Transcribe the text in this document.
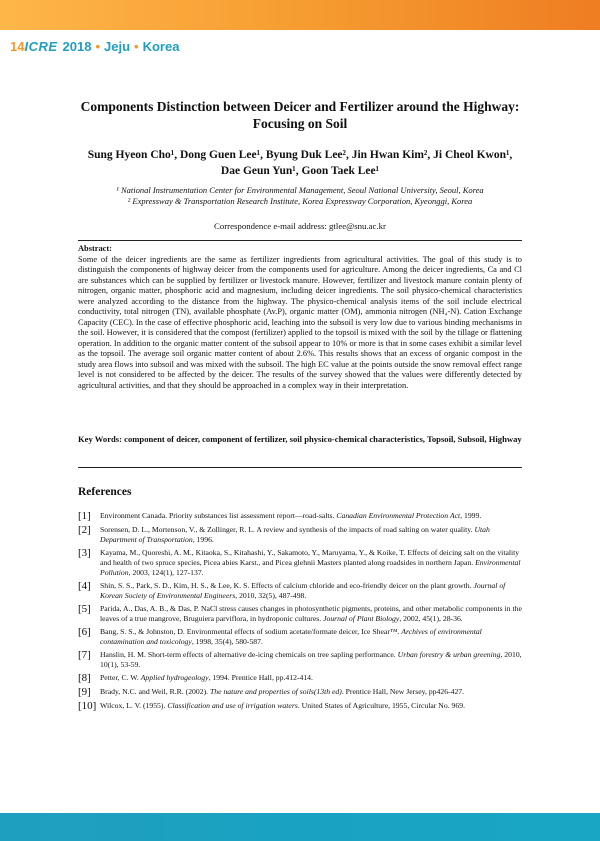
14 ICRE 2018 • Jeju • Korea
Components Distinction between Deicer and Fertilizer around the Highway: Focusing on Soil
Sung Hyeon Cho¹, Dong Guen Lee¹, Byung Duk Lee², Jin Hwan Kim², Ji Cheol Kwon¹,
Dae Geun Yun¹, Goon Taek Lee¹
¹ National Instrumentation Center for Environmental Management, Seoul National University, Seoul, Korea
² Expressway & Transportation Research Institute, Korea Expressway Corporation, Kyeonggi, Korea
Correspondence e-mail address: gtlee@snu.ac.kr
Abstract:
Some of the deicer ingredients are the same as fertilizer ingredients from agricultural activities. The goal of this study is to distinguish the components of highway deicer from the components used for agriculture. Among the deicer ingredients, Ca and Cl are substances which can be supplied by fertilizer or livestock manure. However, fertilizer and livestock manure contain plenty of nitrogen, organic matter, phosphoric acid and magnesium, including deicer ingredients. The soil physico-chemical characteristics were analyzed according to the distance from the highway. The physico-chemical analysis items of the soil include electrical conductivity, total nitrogen (TN), available phosphate (Av.P), organic matter (OM), ammonia nitrogen (NH₄-N). Cation Exchange Capacity (CEC). In the case of effective phosphoric acid, leaching into the subsoil is very low due to various binding mechanisms in the soil. However, it is considered that the compost (fertilizer) applied to the topsoil is mixed with the soil by the tillage or flattening operation. In addition to the organic matter content of the subsoil appear to 10% or more is that in some cases exhibit a similar level as the topsoil. The average soil organic matter content of about 2.6%. This results shows that an excess of organic compost in the study area flows into subsoil and was mixed with the subsoil. The high EC value at the points outside the snow removal effect range level is not considered to be affected by the deicer. The results of the survey showed that the values were differently detected by agricultural activities, and that they should be approached in a complex way in their interpretation.
Key Words: component of deicer, component of fertilizer, soil physico-chemical characteristics, Topsoil, Subsoil, Highway
References
[1]	Environment Canada. Priority substances list assessment report—road-salts. Canadian Environmental Protection Act, 1999.
[2]	Sorensen, D. L., Mortenson, V., & Zollinger, R. L. A review and synthesis of the impacts of road salting on water quality. Utah Department of Transportation, 1996.
[3]	Kayama, M., Quoreshi, A. M., Kitaoka, S., Kitahashi, Y., Sakamoto, Y., Maruyama, Y., & Koike, T. Effects of deicing salt on the vitality and health of two spruce species, Picea abies Karst., and Picea glehnii Masters planted along roadsides in northern Japan. Environmental Pollution, 2003, 124(1), 127-137.
[4]	Shin, S. S., Park, S. D., Kim, H. S., & Lee, K. S. Effects of calcium chloride and eco-friendly deicer on the plant growth. Journal of Korean Society of Environmental Engineers, 2010, 32(5), 487-498.
[5]	Parida, A., Das, A. B., & Das, P. NaCl stress causes changes in photosynthetic pigments, proteins, and other metabolic components in the leaves of a true mangrove, Bruguiera parviflora, in hydroponic cultures. Journal of Plant Biology, 2002, 45(1), 28-36.
[6]	Bang, S. S., & Johnston, D. Environmental effects of sodium acetate/formate deicer, Ice Shear™. Archives of environmental contamination and toxicology, 1998, 35(4), 580-587.
[7]	Hanslin, H. M. Short-term effects of alternative de-icing chemicals on tree sapling performance. Urban forestry & urban greening, 2010, 10(1), 53-59.
[8]	Petter, C. W. Applied hydrogeology, 1994. Prentice Hall, pp.412-414.
[9]	Brady, N.C. and Weil, R.R. (2002). The nature and properties of soils(13th ed). Prentice Hall, New Jersey, pp426-427.
[10] Wilcox, L. V. (1955). Classification and use of irrigation waters. United States of Agriculture, 1955, Circular No. 969.
